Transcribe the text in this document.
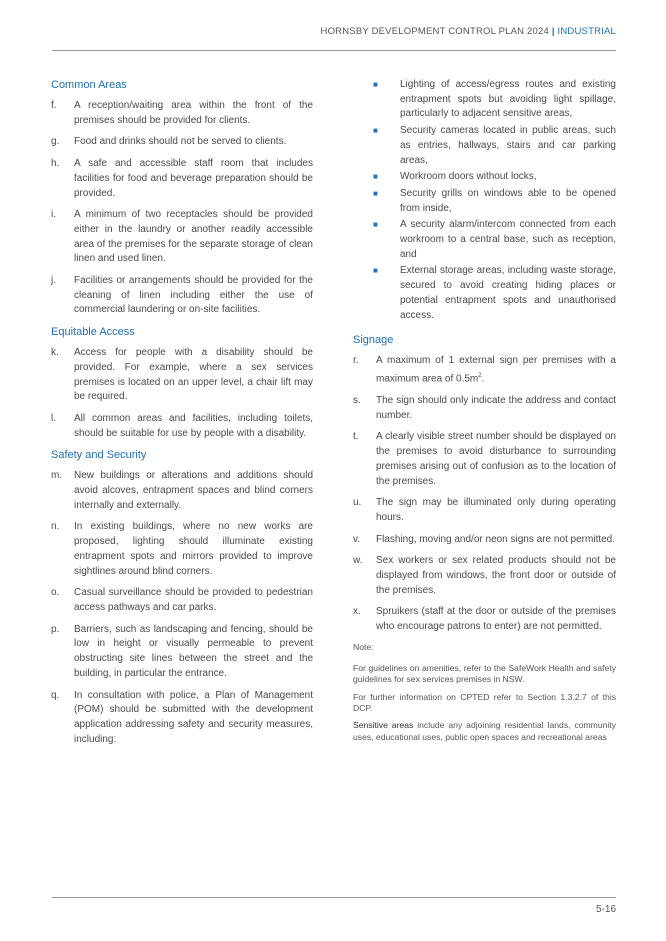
HORNSBY DEVELOPMENT CONTROL PLAN 2024 | INDUSTRIAL
Common Areas
f.	A reception/waiting area within the front of the premises should be provided for clients.
g.	Food and drinks should not be served to clients.
h.	A safe and accessible staff room that includes facilities for food and beverage preparation should be provided.
i.	A minimum of two receptacles should be provided either in the laundry or another readily accessible area of the premises for the separate storage of clean linen and used linen.
j.	Facilities or arrangements should be provided for the cleaning of linen including either the use of commercial laundering or on-site facilities.
Equitable Access
k.	Access for people with a disability should be provided. For example, where a sex services premises is located on an upper level, a chair lift may be required.
l.	All common areas and facilities, including toilets, should be suitable for use by people with a disability.
Safety and Security
m.	New buildings or alterations and additions should avoid alcoves, entrapment spaces and blind corners internally and externally.
n.	In existing buildings, where no new works are proposed, lighting should illuminate existing entrapment spots and mirrors provided to improve sightlines around blind corners.
o.	Casual surveillance should be provided to pedestrian access pathways and car parks.
p.	Barriers, such as landscaping and fencing, should be low in height or visually permeable to prevent obstructing site lines between the street and the building, in particular the entrance.
q.	In consultation with police, a Plan of Management (POM) should be submitted with the development application addressing safety and security measures, including:
■	Lighting of access/egress routes and existing entrapment spots but avoiding light spillage, particularly to adjacent sensitive areas,
■	Security cameras located in public areas, such as entries, hallways, stairs and car parking areas,
■	Workroom doors without locks,
■	Security grills on windows able to be opened from inside,
■	A security alarm/intercom connected from each workroom to a central base, such as reception, and
■	External storage areas, including waste storage, secured to avoid creating hiding places or potential entrapment spots and unauthorised access.
Signage
r.	A maximum of 1 external sign per premises with a maximum area of $0.5m^2$.
s.	The sign should only indicate the address and contact number.
t.	A clearly visible street number should be displayed on the premises to avoid disturbance to surrounding premises arising out of confusion as to the location of the premises.
u.	The sign may be illuminated only during operating hours.
v.	Flashing, moving and/or neon signs are not permitted.
w.	Sex workers or sex related products should not be displayed from windows, the front door or outside of the premises.
x.	Spruikers (staff at the door or outside of the premises who encourage patrons to enter) are not permitted.
Note:
For guidelines on amenities, refer to the SafeWork Health and safety guidelines for sex services premises in NSW.
For further information on CPTED refer to Section 1.3.2.7 of this DCP.
Sensitive areas include any adjoining residential lands, community uses, educational uses, public open spaces and recreational areas
5-16
